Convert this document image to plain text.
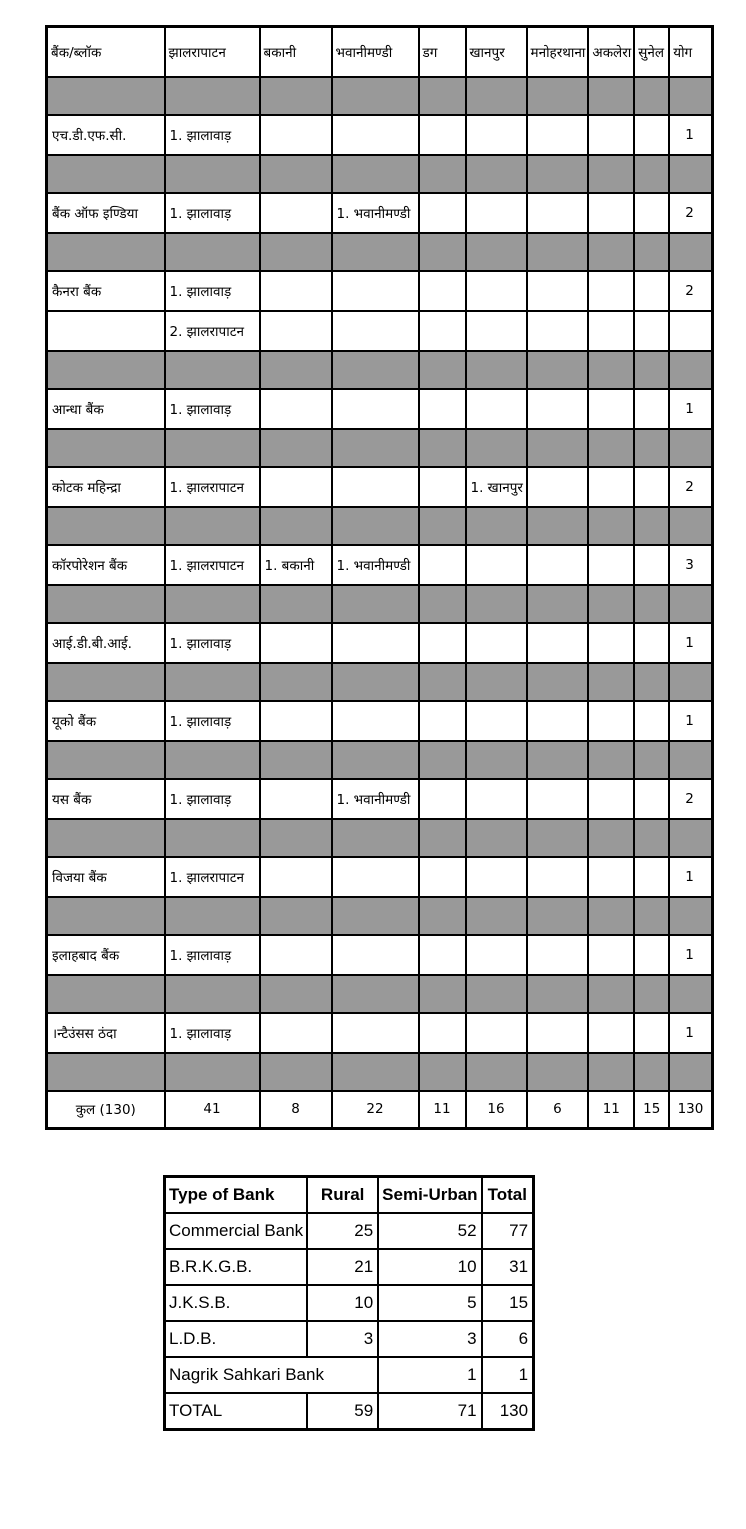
बैंक/ब्लॉक	झालरापाटन	बकानी	भवानीमण्डी	डग	खानपुर	मनोहरथाना	अकलेरा	सुनेल	योग

एच.डी.एफ.सी.	1. झालावाड़								1

बैंक ऑफ इण्डिया	1. झालावाड़		1. भवानीमण्डी						2

कैनरा बैंक	1. झालावाड़								2
	2. झालरापाटन								

आन्धा बैंक	1. झालावाड़								1

कोटक महिन्द्रा	1. झालरापाटन				1. खानपुर				2

कॉरपोरेशन बैंक	1. झालरापाटन	1. बकानी	1. भवानीमण्डी						3

आई.डी.बी.आई.	1. झालावाड़								1

यूको बैंक	1. झालावाड़								1

यस बैंक	1. झालावाड़		1. भवानीमण्डी						2

विजया बैंक	1. झालरापाटन								1

इलाहबाद बैंक	1. झालावाड़								1

।न्टैउंसस ठंदा	1. झालावाड़								1

कुल (130)	41	8	22	11	16	6	11	15	130
Type of Bank	Rural	Semi-Urban	Total
Commercial Bank	25	52	77
B.R.K.G.B.	21	10	31
J.K.S.B.	10	5	15
L.D.B.	3	3	6
Nagrik Sahkari Bank		1	1
TOTAL	59	71	130
